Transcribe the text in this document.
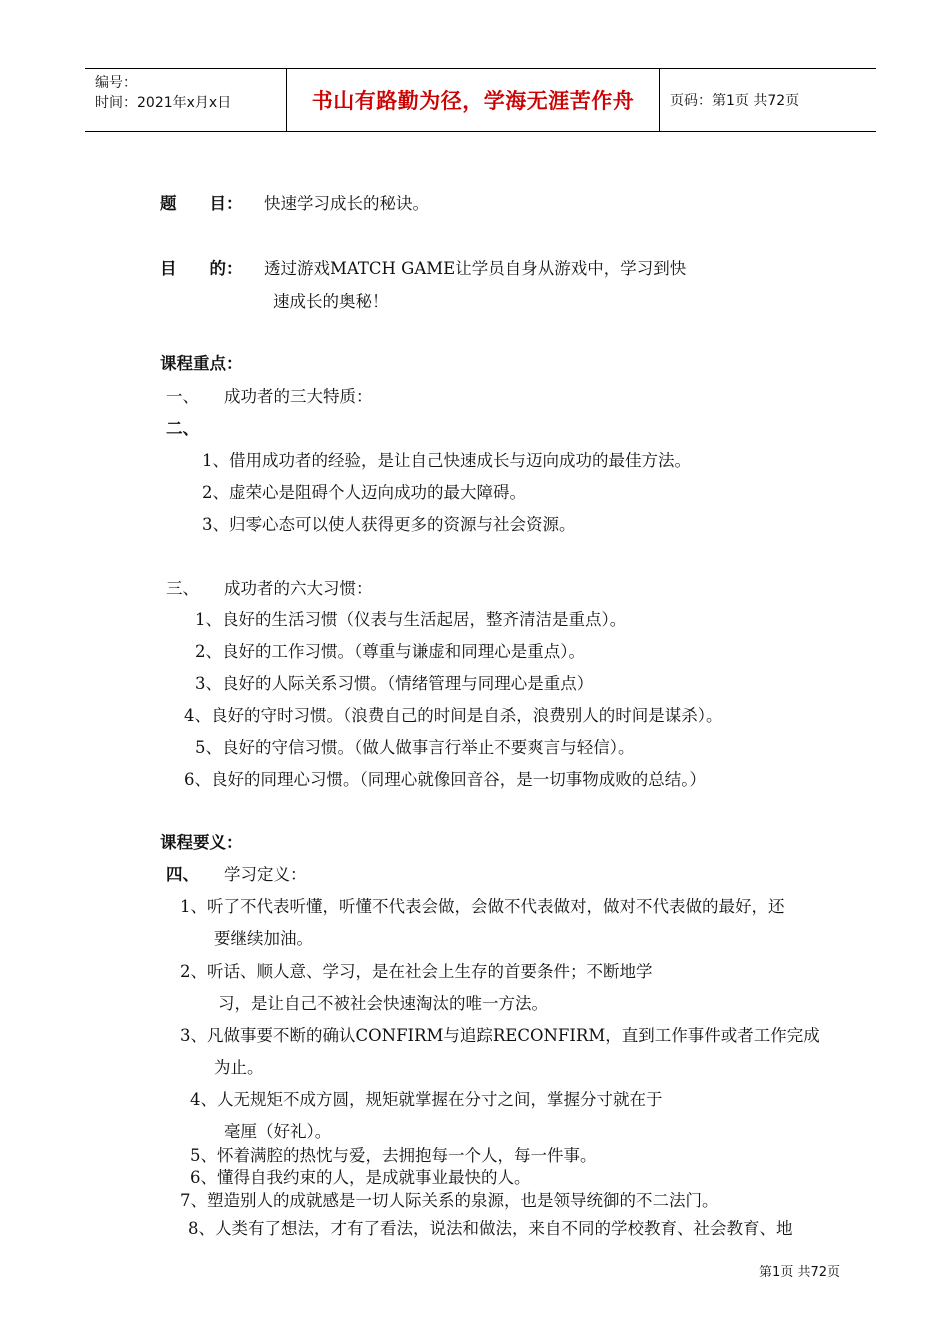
编号：
时间：2021年x月x日	书山有路勤为径，学海无涯苦作舟	页码：第1页 共72页
题　　目： 快速学习成长的秘诀。
目　　的： 透过游戏MATCH GAME让学员自身从游戏中，学习到快
速成长的奥秘！
课程重点：
一、 成功者的三大特质：
二、
1、借用成功者的经验，是让自己快速成长与迈向成功的最佳方法。
2、虚荣心是阻碍个人迈向成功的最大障碍。
3、归零心态可以使人获得更多的资源与社会资源。
三、 成功者的六大习惯：
1、良好的生活习惯（仪表与生活起居，整齐清洁是重点）。
2、良好的工作习惯。（尊重与谦虚和同理心是重点）。
3、良好的人际关系习惯。（情绪管理与同理心是重点）
4、良好的守时习惯。（浪费自己的时间是自杀，浪费别人的时间是谋杀）。
5、良好的守信习惯。（做人做事言行举止不要爽言与轻信）。
6、良好的同理心习惯。（同理心就像回音谷，是一切事物成败的总结。）
课程要义：
四、 学习定义：
1、听了不代表听懂，听懂不代表会做，会做不代表做对，做对不代表做的最好，还
要继续加油。
2、听话、顺人意、学习，是在社会上生存的首要条件；不断地学
习，是让自己不被社会快速淘汰的唯一方法。
3、凡做事要不断的确认CONFIRM与追踪RECONFIRM，直到工作事件或者工作完成
为止。
4、人无规矩不成方圆，规矩就掌握在分寸之间，掌握分寸就在于
毫厘（好礼）。
5、怀着满腔的热忱与爱，去拥抱每一个人，每一件事。
6、懂得自我约束的人，是成就事业最快的人。
7、塑造别人的成就感是一切人际关系的泉源，也是领导统御的不二法门。
8、人类有了想法，才有了看法，说法和做法，来自不同的学校教育、社会教育、地
第1页 共72页
